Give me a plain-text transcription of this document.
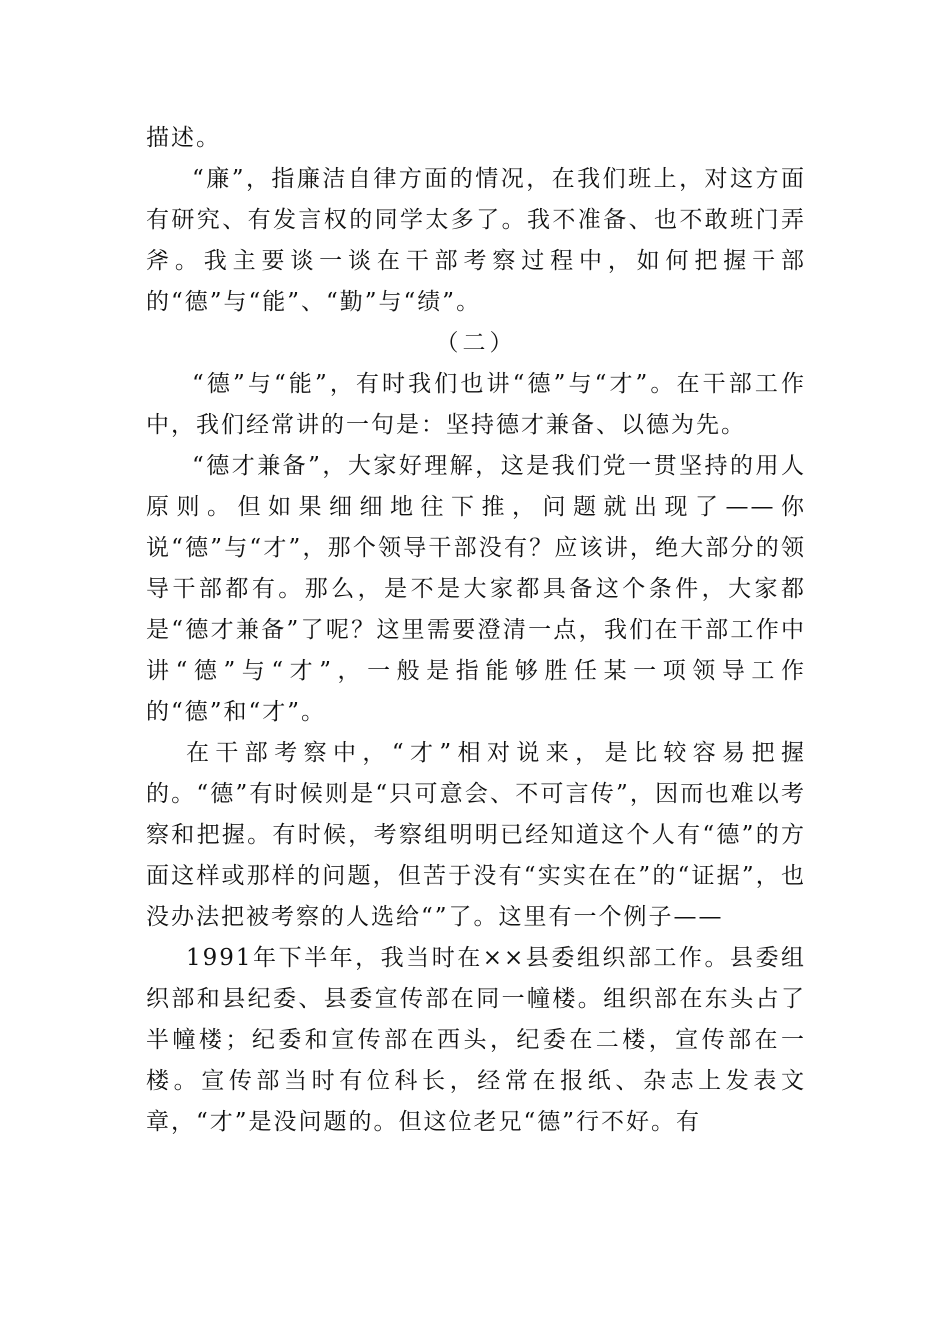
描述。

“廉”，指廉洁自律方面的情况，在我们班上，对这方面有研究、有发言权的同学太多了。我不准备、也不敢班门弄斧。我主要谈一谈在干部考察过程中，如何把握干部的“德”与“能”、“勤”与“绩”。

（二）

“德”与“能”，有时我们也讲“德”与“才”。在干部工作中，我们经常讲的一句是：坚持德才兼备、以德为先。

“德才兼备”，大家好理解，这是我们党一贯坚持的用人原则。但如果细细地往下推，问题就出现了——你说“德”与“才”，那个领导干部没有？应该讲，绝大部分的领导干部都有。那么，是不是大家都具备这个条件，大家都是“德才兼备”了呢？这里需要澄清一点，我们在干部工作中讲“德”与“才”，一般是指能够胜任某一项领导工作的“德”和“才”。

在干部考察中，“才”相对说来，是比较容易把握的。“德”有时候则是“只可意会、不可言传”，因而也难以考察和把握。有时候，考察组明明已经知道这个人有“德”的方面这样或那样的问题，但苦于没有“实实在在”的“证据”，也没办法把被考察的人选给“”了。这里有一个例子——

1991年下半年，我当时在××县委组织部工作。县委组织部和县纪委、县委宣传部在同一幢楼。组织部在东头占了半幢楼；纪委和宣传部在西头，纪委在二楼，宣传部在一楼。宣传部当时有位科长，经常在报纸、杂志上发表文章，“才”是没问题的。但这位老兄“德”行不好。有
